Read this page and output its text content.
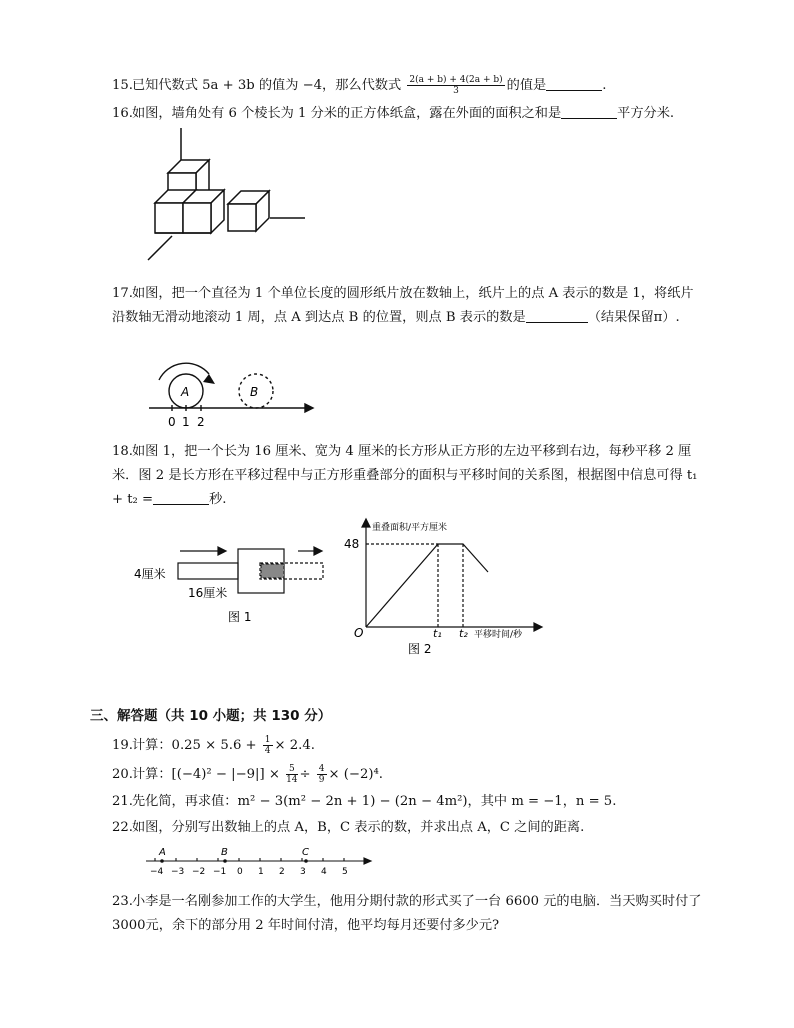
15.已知代数式 5a + 3b 的值为 −4，那么代数式 $\frac{2(a + b) + 4(2a + b)}{3}$ 的值是	.
16.如图，墙角处有 6 个棱长为 1 分米的正方体纸盒，露在外面的面积之和是	平方分米.
17.如图，把一个直径为 1 个单位长度的圆形纸片放在数轴上，纸片上的点 A 表示的数是 1，将纸片沿数轴无滑动地滚动 1 周，点 A 到达点 B 的位置，则点 B 表示的数是	（结果保留π）.
A	B
0 1 2
18.如图 1，把一个长为 16 厘米、宽为 4 厘米的长方形从正方形的左边平移到右边，每秒平移 2 厘米．图 2 是长方形在平移过程中与正方形重叠部分的面积与平移时间的关系图，根据图中信息可得 t₁ + t₂ =	秒.
4厘米
16厘米
图 1
重叠面积/平方厘米
48
O	t₁ t₂ 平移时间/秒
图 2
三、解答题（共 10 小题；共 130 分）
19.计算：$0.25 \times 5.6 + \frac{1}{4} \times 2.4$.
20.计算：$[(-4)^2 - |-9|] \times \frac{5}{14} \div \frac{4}{9} \times (-2)^4$.
21.先化简，再求值：m² − 3(m² − 2n + 1) − (2n − 4m²)，其中 m = −1，n = 5.
22.如图，分别写出数轴上的点 A，B，C 表示的数，并求出点 A，C 之间的距离.
A	B	C
−4 −3 −2 −1 0 1 2 3 4 5
23.小李是一名刚参加工作的大学生，他用分期付款的形式买了一台 6600 元的电脑．当天购买时付了 3000元，余下的部分用 2 年时间付清，他平均每月还要付多少元?
